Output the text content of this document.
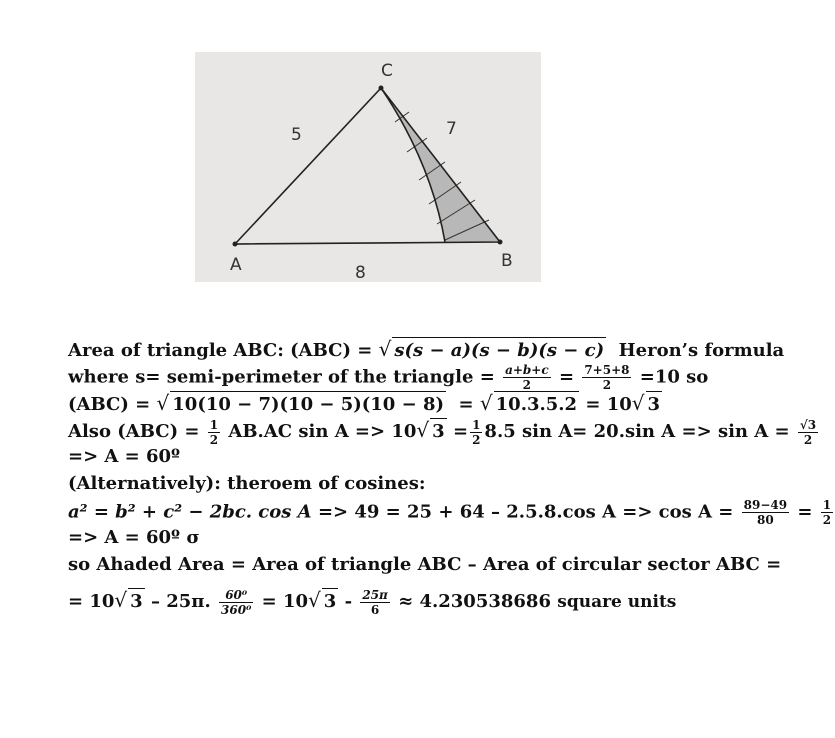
A	B
C
5	7
8
Area of triangle ABC: (ABC) = √ s(s − a)(s − b)(s − c) Heron’s formula
where s= semi-perimeter of the triangle = $\frac{a+b+c}{2} = \frac{7+5+8}{2} =10$ so
(ABC) = √ 10(10 − 7)(10 − 5)(10 − 8) = √ 10.3.5.2 = 10√ 3
Also $(ABC) = \frac{1}{2} AB.AC$ sin A => 10√ $3 = \frac{1}{2} 8.5$ sin A= 20.sin $A => \sin A = \frac{√3}{2}$
=> A = 60º
(Alternatively): theroem of cosines:
a² = b² + c² − 2bc. cos A => 49 = 25 + 64 – 2.5.8.cos $A => \cos A = \frac{89-49}{80} = \frac{1}{2}$
=> A = 60º σ
so Ahaded Area = Area of triangle ABC – Area of circular sector ABC =
= 10√ 3 – 25π. $\frac{\text{60⁰}}{\text{360⁰}} = 10√$ $3 - \frac{25\pi}{6} \approx 4.230538686$ square units
